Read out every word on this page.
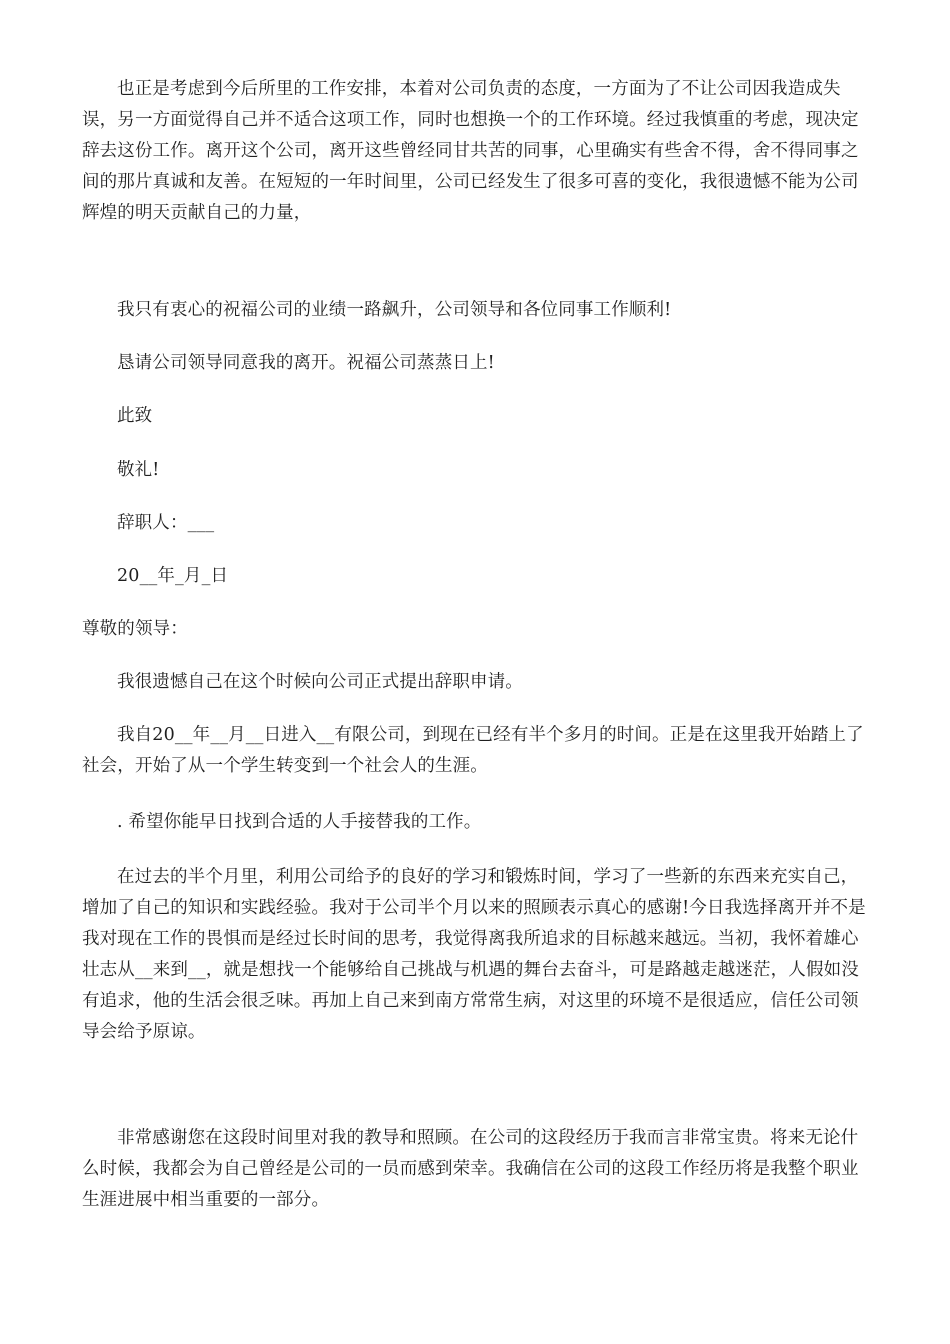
也正是考虑到今后所里的工作安排，本着对公司负责的态度，一方面为了不让公司因我造成失误，另一方面觉得自己并不适合这项工作，同时也想换一个的工作环境。经过我慎重的考虑，现决定辞去这份工作。离开这个公司，离开这些曾经同甘共苦的同事，心里确实有些舍不得，舍不得同事之间的那片真诚和友善。在短短的一年时间里，公司已经发生了很多可喜的变化，我很遗憾不能为公司辉煌的明天贡献自己的力量，

我只有衷心的祝福公司的业绩一路飙升，公司领导和各位同事工作顺利!

恳请公司领导同意我的离开。祝福公司蒸蒸日上!

此致

敬礼!

辞职人：___

20__年_月_日

尊敬的领导：

我很遗憾自己在这个时候向公司正式提出辞职申请。

我自20__年__月__日进入__有限公司，到现在已经有半个多月的时间。正是在这里我开始踏上了社会，开始了从一个学生转变到一个社会人的生涯。

. 希望你能早日找到合适的人手接替我的工作。

在过去的半个月里，利用公司给予的良好的学习和锻炼时间，学习了一些新的东西来充实自己，增加了自己的知识和实践经验。我对于公司半个月以来的照顾表示真心的感谢!今日我选择离开并不是我对现在工作的畏惧而是经过长时间的思考，我觉得离我所追求的目标越来越远。当初，我怀着雄心壮志从__来到__，就是想找一个能够给自己挑战与机遇的舞台去奋斗，可是路越走越迷茫，人假如没有追求，他的生活会很乏味。再加上自己来到南方常常生病，对这里的环境不是很适应，信任公司领导会给予原谅。

非常感谢您在这段时间里对我的教导和照顾。在公司的这段经历于我而言非常宝贵。将来无论什么时候，我都会为自己曾经是公司的一员而感到荣幸。我确信在公司的这段工作经历将是我整个职业生涯进展中相当重要的一部分。
